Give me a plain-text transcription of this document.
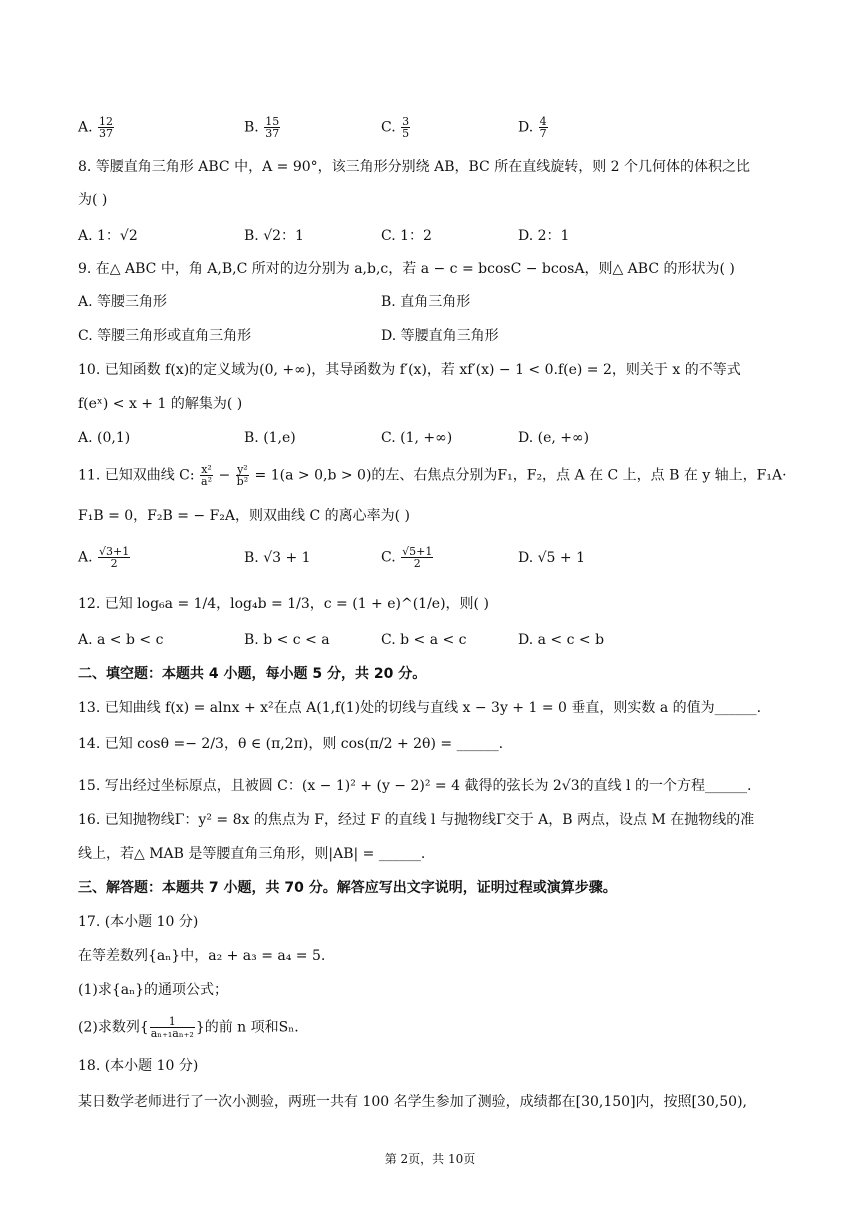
A. $\frac{12}{37}$	B. $\frac{15}{37}$	C. $\frac{3}{5}$	D. $\frac{4}{7}$
8. 等腰直角三角形 ABC 中，A = 90°，该三角形分别绕 AB，BC 所在直线旋转，则 2 个几何体的体积之比
为( )
A. 1：√2	B. √2：1	C. 1：2	D. 2：1
9. 在△ ABC 中，角 A,B,C 所对的边分别为 a,b,c，若 a − c = bcosC − bcosA，则△ ABC 的形状为( )
A. 等腰三角形	B. 直角三角形
C. 等腰三角形或直角三角形	D. 等腰直角三角形
10. 已知函数 f(x)的定义域为(0, +∞)，其导函数为 f′(x)，若 xf′(x) − 1 < 0.f(e) = 2，则关于 x 的不等式
f(eˣ) < x + 1 的解集为( )
A. (0,1)	B. (1,e)	C. (1, +∞)	D. (e, +∞)
11. 已知双曲线 C: $\frac{\text{x²}}{\text{a²}} - \frac{\text{y²}}{\text{b²}} = 1(a > 0,b > 0)$的左、右焦点分别为F₁，F₂，点 A 在 C 上，点 B 在 y 轴上，F₁A·
F₁B = 0，F₂B = − F₂A，则双曲线 C 的离心率为( )
A. $\frac{√3+1}{2}$	B. √3 + 1	C. $\frac{√5+1}{2}$	D. √5 + 1
12. 已知 log₆a = 1/4，log₄b = 1/3，c = (1 + e)^(1/e)，则( )
A. a < b < c	B. b < c < a	C. b < a < c	D. a < c < b
二、填空题：本题共 4 小题，每小题 5 分，共 20 分。
13. 已知曲线 f(x) = alnx + x²在点 A(1,f(1)处的切线与直线 x − 3y + 1 = 0 垂直，则实数 a 的值为______.
14. 已知 cosθ =− 2/3，θ ∈ (π,2π)，则 cos(π/2 + 2θ) = ______.
15. 写出经过坐标原点，且被圆 C：(x − 1)² + (y − 2)² = 4 截得的弦长为 2√3的直线 l 的一个方程______.
16. 已知抛物线Γ：y² = 8x 的焦点为 F，经过 F 的直线 l 与抛物线Γ交于 A，B 两点，设点 M 在抛物线的准
线上，若△ MAB 是等腰直角三角形，则|AB| = ______.
三、解答题：本题共 7 小题，共 70 分。解答应写出文字说明，证明过程或演算步骤。
17. (本小题 10 分)
在等差数列{aₙ}中，a₂ + a₃ = a₄ = 5.
(1)求{aₙ}的通项公式；
(2)求数列{ $\frac{1}{\text{aₙ₊₁aₙ₊₂}}$ }的前 n 项和Sₙ.
18. (本小题 10 分)
某日数学老师进行了一次小测验，两班一共有 100 名学生参加了测验，成绩都在[30,150]内，按照[30,50),
第 2页，共 10页
